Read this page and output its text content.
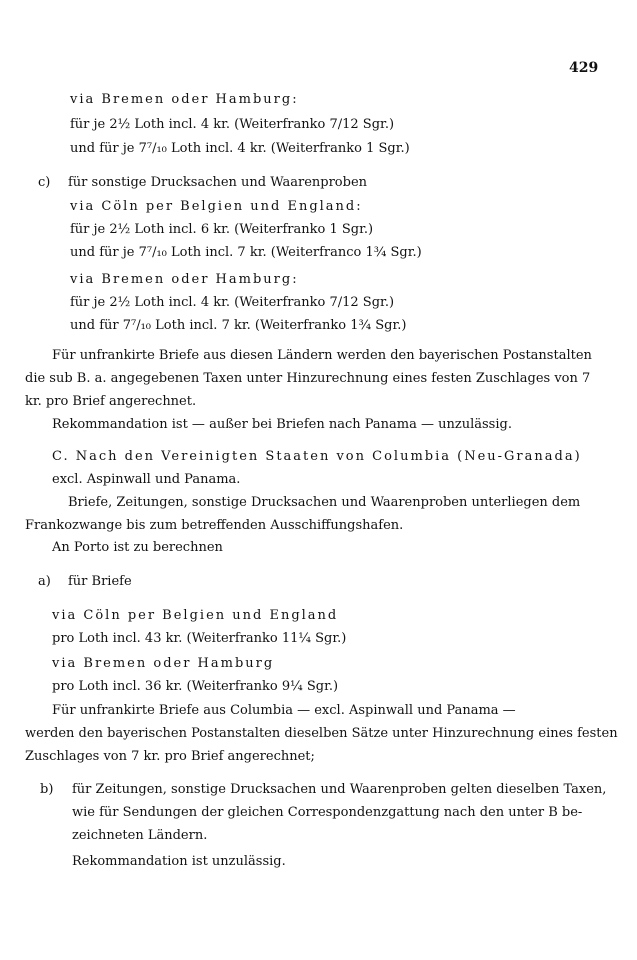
429
via Bremen oder Hamburg:
für je 2½ Loth incl. 4 kr. (Weiterfranko 7/12 Sgr.)
und für je 7⁷/₁₀ Loth incl. 4 kr. (Weiterfranko 1 Sgr.)
c) für sonstige Drucksachen und Waarenproben
via Cöln per Belgien und England:
für je 2½ Loth incl. 6 kr. (Weiterfranko 1 Sgr.)
und für je 7⁷/₁₀ Loth incl. 7 kr. (Weiterfranco 1¾ Sgr.)
via Bremen oder Hamburg:
für je 2½ Loth incl. 4 kr. (Weiterfranko 7/12 Sgr.)
und für 7⁷/₁₀ Loth incl. 7 kr. (Weiterfranko 1¾ Sgr.)
Für unfrankirte Briefe aus diesen Ländern werden den bayerischen Postanstalten
die sub B. a. angegebenen Taxen unter Hinzurechnung eines festen Zuschlages von 7
kr. pro Brief angerechnet.
Rekommandation ist — außer bei Briefen nach Panama — unzulässig.
C. Nach den Vereinigten Staaten von Columbia (Neu-Granada)
excl. Aspinwall und Panama.
Briefe, Zeitungen, sonstige Drucksachen und Waarenproben unterliegen dem
Frankozwange bis zum betreffenden Ausschiffungshafen.
An Porto ist zu berechnen
a) für Briefe
via Cöln per Belgien und England
pro Loth incl. 43 kr. (Weiterfranko 11¼ Sgr.)
via Bremen oder Hamburg
pro Loth incl. 36 kr. (Weiterfranko 9¼ Sgr.)
Für unfrankirte Briefe aus Columbia — excl. Aspinwall und Panama —
werden den bayerischen Postanstalten dieselben Sätze unter Hinzurechnung eines festen
Zuschlages von 7 kr. pro Brief angerechnet;
b) für Zeitungen, sonstige Drucksachen und Waarenproben gelten dieselben Taxen,
wie für Sendungen der gleichen Correspondenzgattung nach den unter B be-
zeichneten Ländern.
Rekommandation ist unzulässig.
